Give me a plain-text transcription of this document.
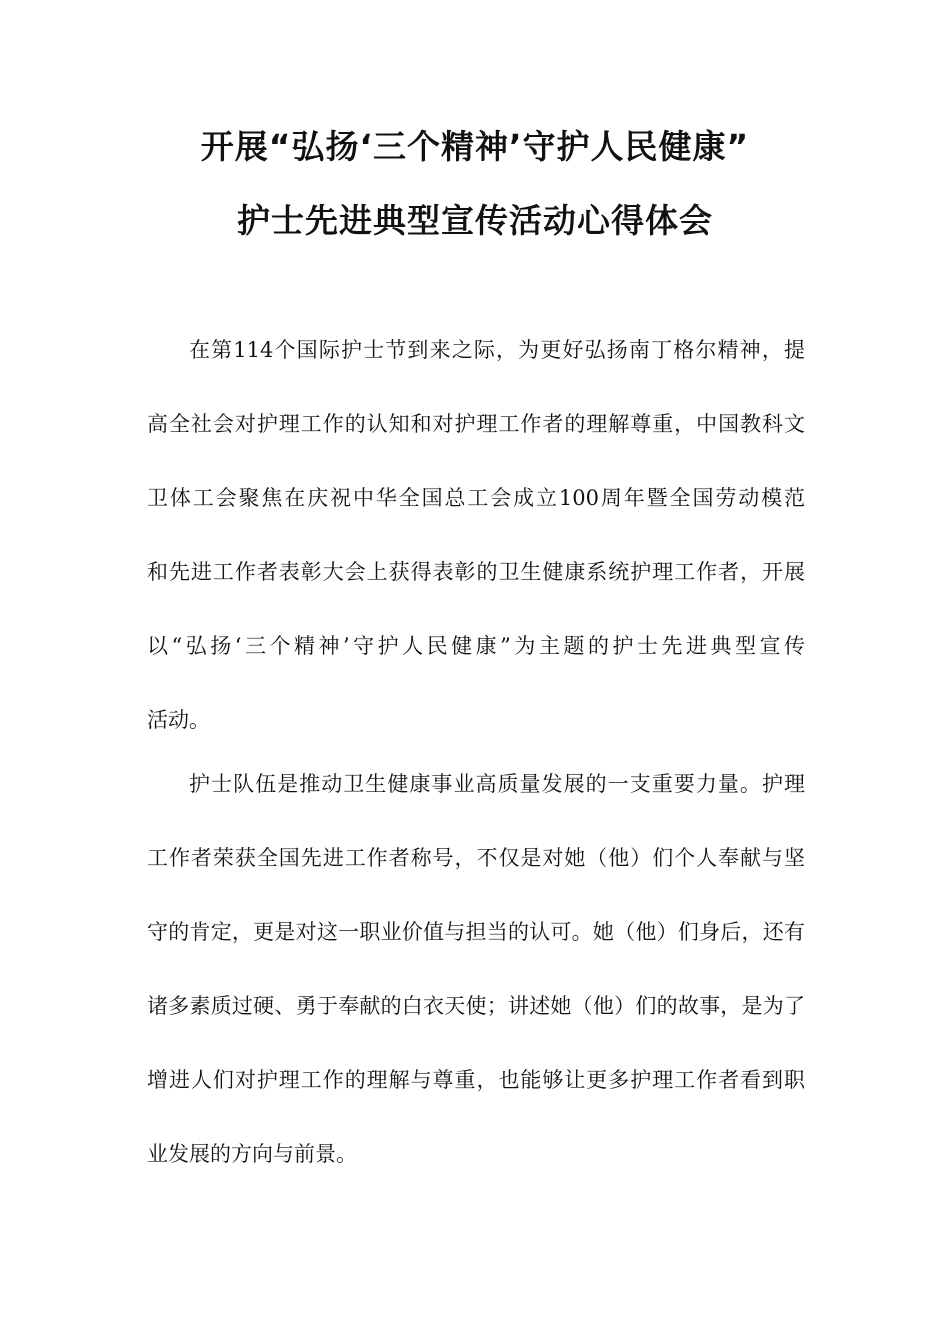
开展“弘扬‘三个精神’守护人民健康”
护士先进典型宣传活动心得体会
在第114个国际护士节到来之际，为更好弘扬南丁格尔精神，提
高全社会对护理工作的认知和对护理工作者的理解尊重，中国教科文
卫体工会聚焦在庆祝中华全国总工会成立100周年暨全国劳动模范
和先进工作者表彰大会上获得表彰的卫生健康系统护理工作者，开展
以“弘扬‘三个精神’守护人民健康”为主题的护士先进典型宣传
活动。
护士队伍是推动卫生健康事业高质量发展的一支重要力量。护理
工作者荣获全国先进工作者称号，不仅是对她（他）们个人奉献与坚
守的肯定，更是对这一职业价值与担当的认可。她（他）们身后，还有
诸多素质过硬、勇于奉献的白衣天使；讲述她（他）们的故事，是为了
增进人们对护理工作的理解与尊重，也能够让更多护理工作者看到职
业发展的方向与前景。
